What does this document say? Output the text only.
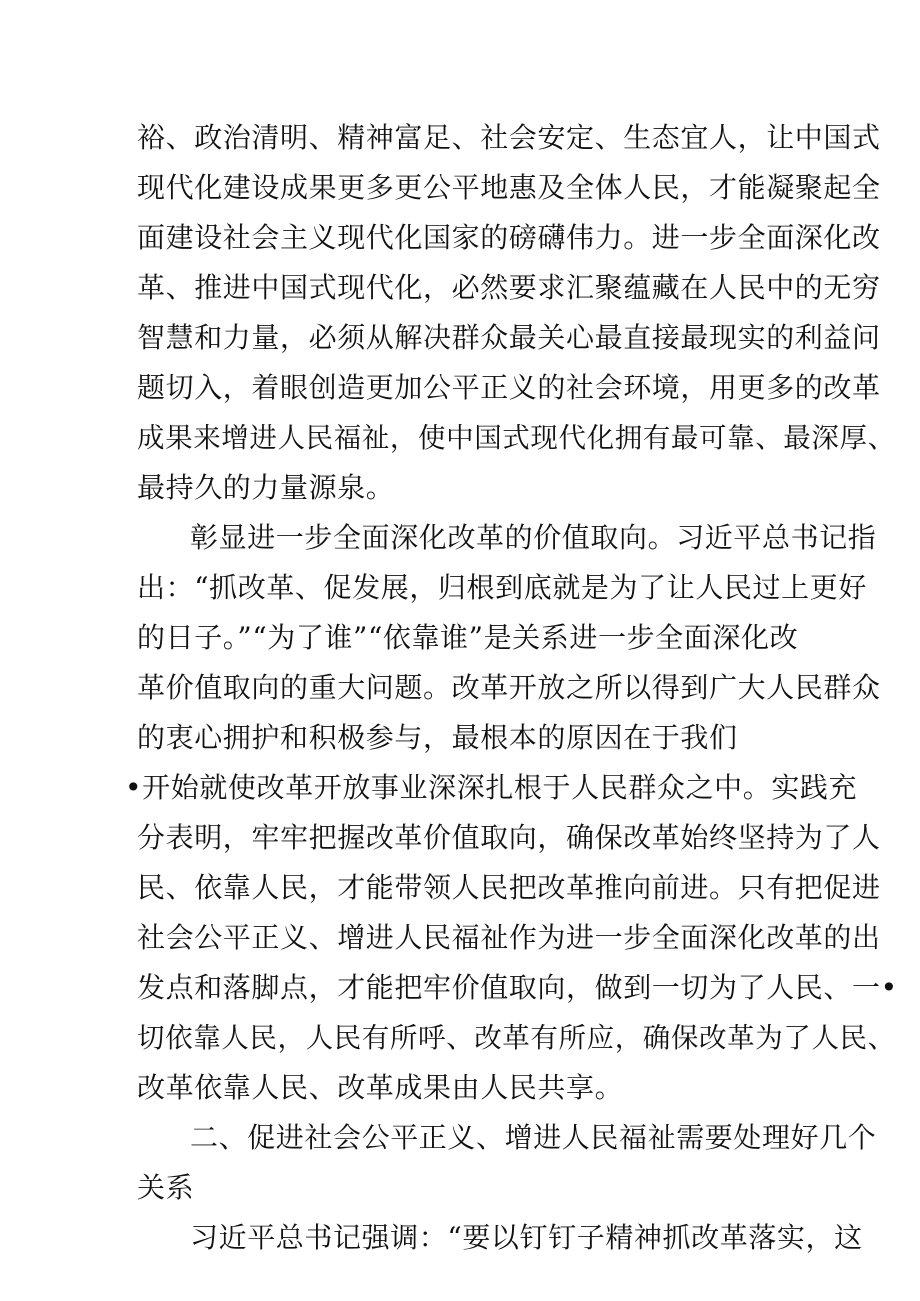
裕、政治清明、精神富足、社会安定、生态宜人，让中国式
现代化建设成果更多更公平地惠及全体人民，才能凝聚起全
面建设社会主义现代化国家的磅礴伟力。进一步全面深化改
革、推进中国式现代化，必然要求汇聚蕴藏在人民中的无穷
智慧和力量，必须从解决群众最关心最直接最现实的利益问
题切入，着眼创造更加公平正义的社会环境，用更多的改革
成果来增进人民福祉，使中国式现代化拥有最可靠、最深厚、
最持久的力量源泉。
彰显进一步全面深化改革的价值取向。习近平总书记指
出：“抓改革、促发展，归根到底就是为了让人民过上更好
的日子。”“为了谁”“依靠谁”是关系进一步全面深化改
革价值取向的重大问题。改革开放之所以得到广大人民群众
的衷心拥护和积极参与，最根本的原因在于我们
•开始就使改革开放事业深深扎根于人民群众之中。实践充
分表明，牢牢把握改革价值取向，确保改革始终坚持为了人
民、依靠人民，才能带领人民把改革推向前进。只有把促进
社会公平正义、增进人民福祉作为进一步全面深化改革的出
发点和落脚点，才能把牢价值取向，做到一切为了人民、一•
切依靠人民，人民有所呼、改革有所应，确保改革为了人民、
改革依靠人民、改革成果由人民共享。
二、促进社会公平正义、增进人民福祉需要处理好几个
关系
习近平总书记强调：“要以钉钉子精神抓改革落实，这
